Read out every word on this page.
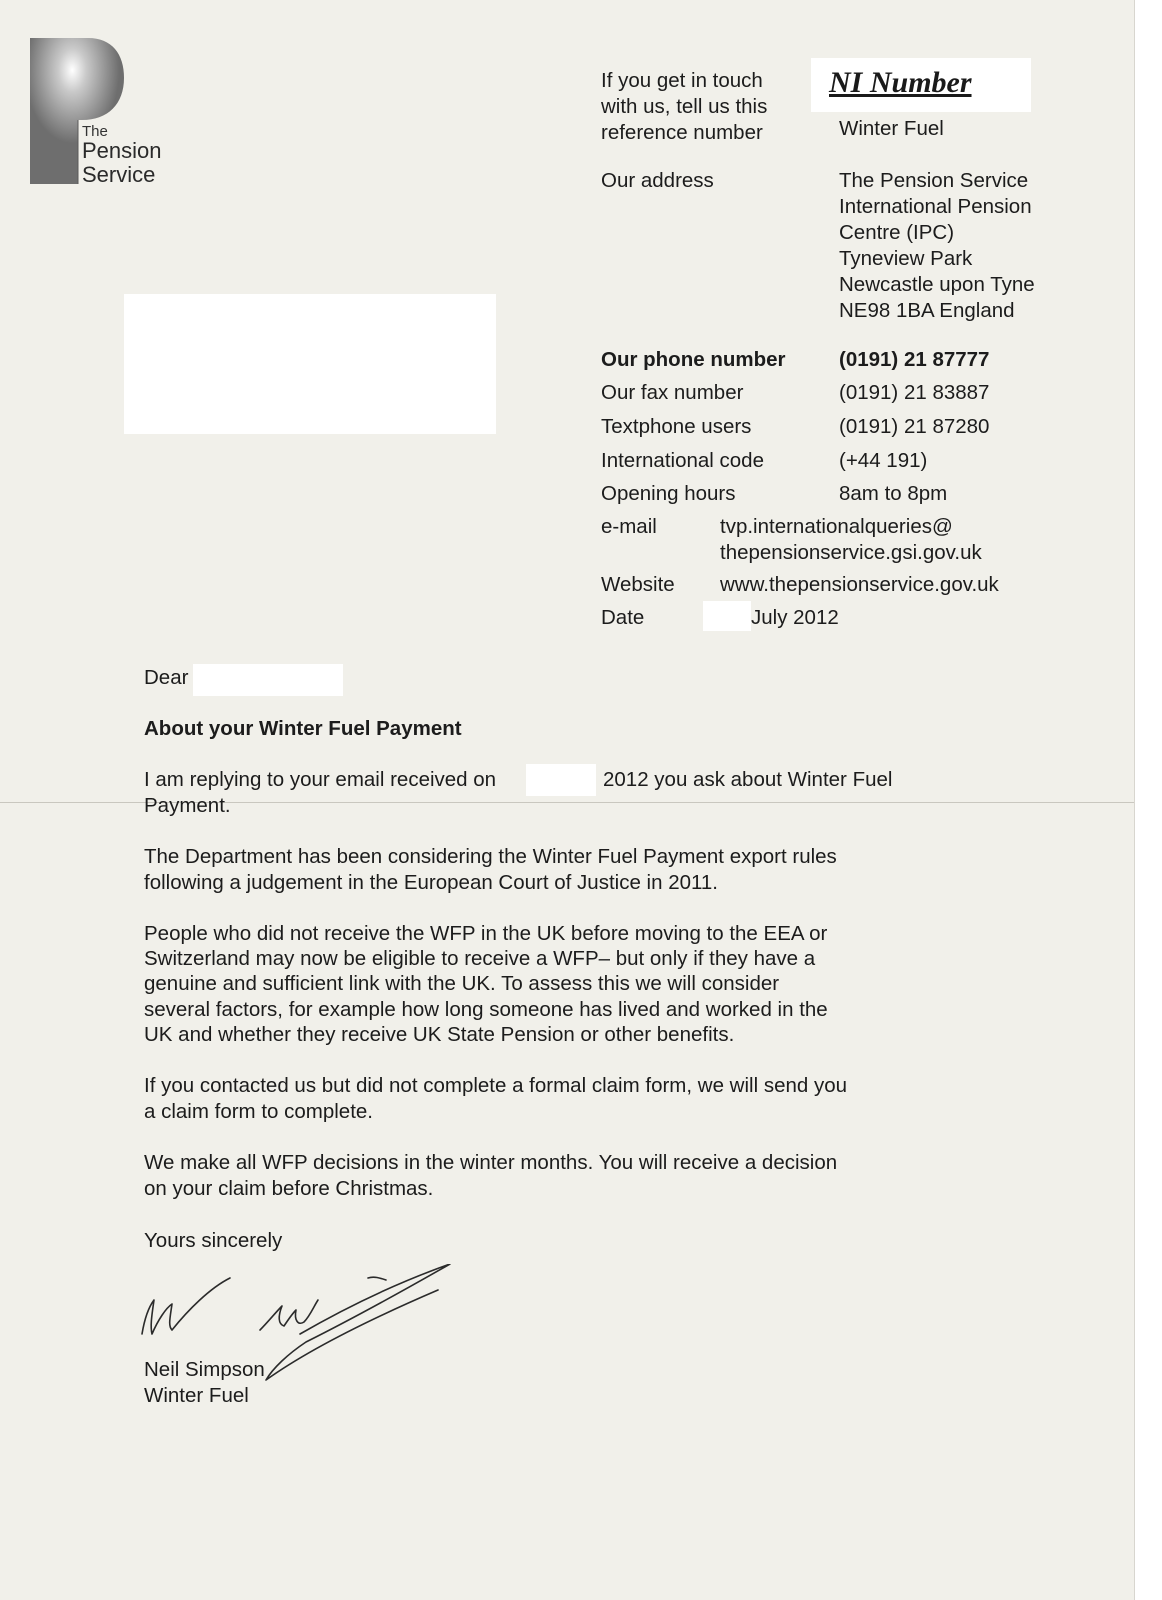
The
Pension
Service
If you get in touch
with us, tell us this
reference number
NI Number
Winter Fuel
Our address	The Pension Service
International Pension
Centre (IPC)
Tyneview Park
Newcastle upon Tyne
NE98 1BA England
Our phone number	(0191) 21 87777
Our fax number	(0191) 21 83887
Textphone users	(0191) 21 87280
International code	(+44 191)
Opening hours	8am to 8pm
e-mail	tvp.internationalqueries@
thepensionservice.gsi.gov.uk
Website www.thepensionservice.gov.uk
Date	July 2012
Dear
About your Winter Fuel Payment
I am replying to your email received on	2012 you ask about Winter Fuel
Payment.
The Department has been considering the Winter Fuel Payment export rules
following a judgement in the European Court of Justice in 2011.
People who did not receive the WFP in the UK before moving to the EEA or
Switzerland may now be eligible to receive a WFP– but only if they have a
genuine and sufficient link with the UK. To assess this we will consider
several factors, for example how long someone has lived and worked in the
UK and whether they receive UK State Pension or other benefits.
If you contacted us but did not complete a formal claim form, we will send you
a claim form to complete.
We make all WFP decisions in the winter months. You will receive a decision
on your claim before Christmas.
Yours sincerely
Neil Simpson
Winter Fuel
